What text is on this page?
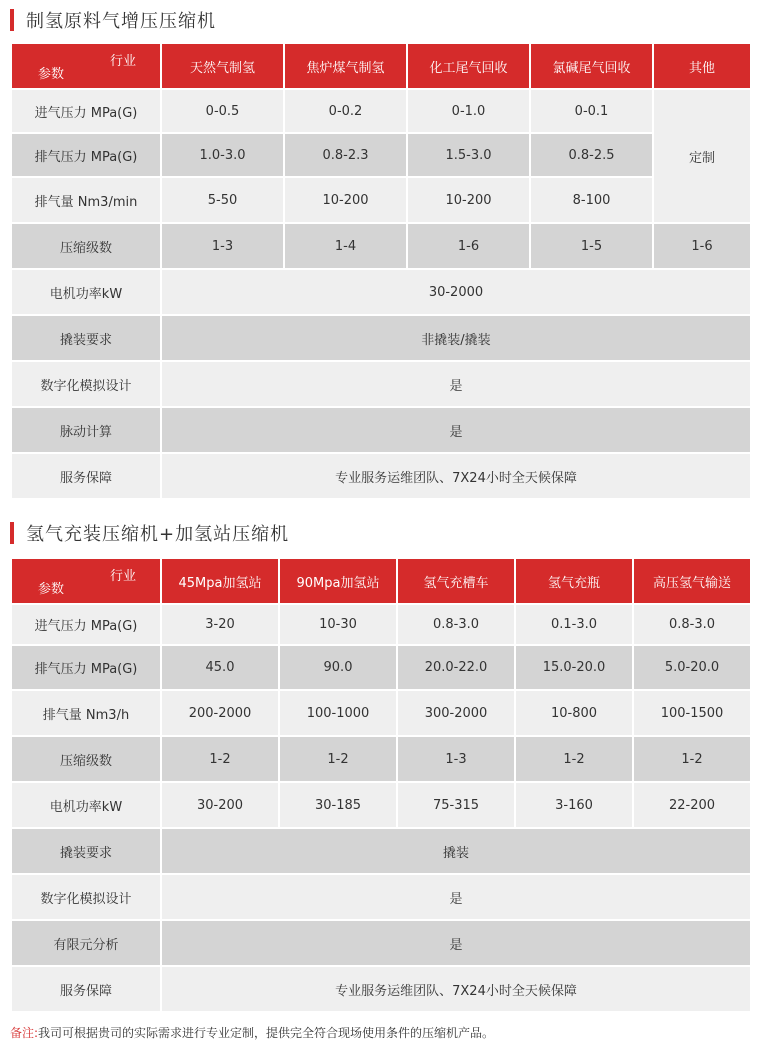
制氢原料气增压压缩机
行业
参数	天然气制氢	焦炉煤气制氢	化工尾气回收	氯碱尾气回收	其他
进气压力 MPa(G)	0-0.5	0-0.2	0-1.0	0-0.1	定制
排气压力 MPa(G)	1.0-3.0	0.8-2.3	1.5-3.0	0.8-2.5	
排气量 Nm3/min	5-50	10-200	10-200	8-100	
压缩级数	1-3	1-4	1-6	1-5	1-6
电机功率kW	30-2000				
撬装要求	非撬装/撬装				
数字化模拟设计	是				
脉动计算	是				
服务保障	专业服务运维团队、7X24小时全天候保障				
氢气充装压缩机+加氢站压缩机
行业
参数	45Mpa加氢站	90Mpa加氢站	氢气充槽车	氢气充瓶	高压氢气输送
进气压力 MPa(G)	3-20	10-30	0.8-3.0	0.1-3.0	0.8-3.0
排气压力 MPa(G)	45.0	90.0	20.0-22.0	15.0-20.0	5.0-20.0
排气量 Nm3/h	200-2000	100-1000	300-2000	10-800	100-1500
压缩级数	1-2	1-2	1-3	1-2	1-2
电机功率kW	30-200	30-185	75-315	3-160	22-200
撬装要求	撬装				
数字化模拟设计	是				
有限元分析	是				
服务保障	专业服务运维团队、7X24小时全天候保障				
备注:我司可根据贵司的实际需求进行专业定制，提供完全符合现场使用条件的压缩机产品。
